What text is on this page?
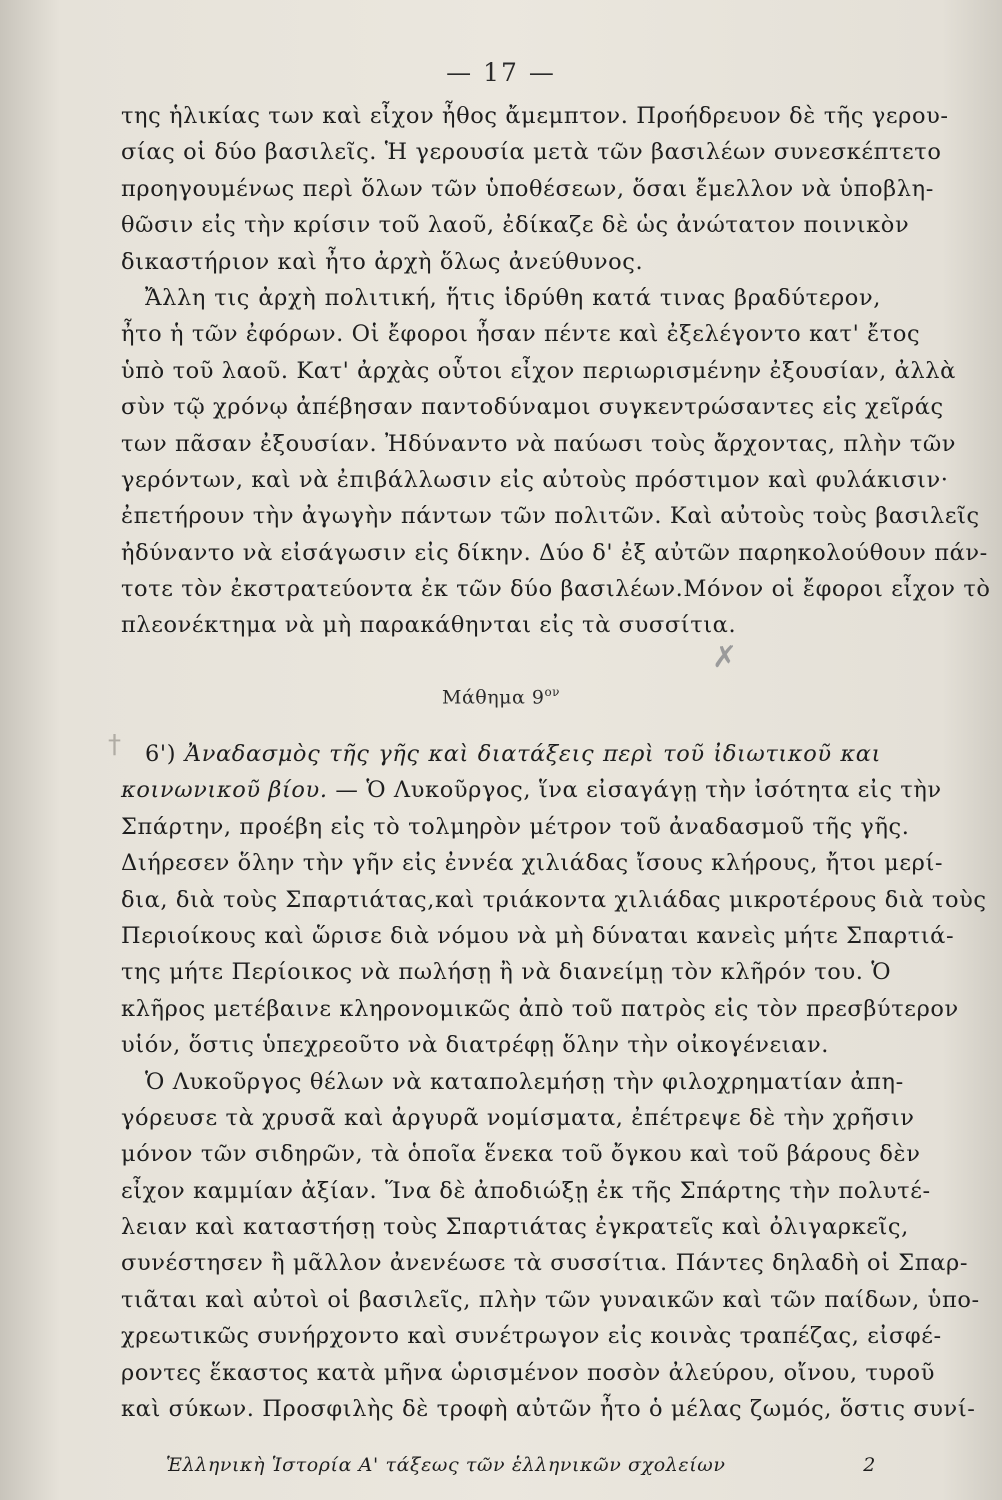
— 17 —
της ἡλικίας των καὶ εἶχον ἦθος ἄμεμπτον. Προήδρευον δὲ τῆς γερου-
σίας οἱ δύο βασιλεῖς. Ἡ γερουσία μετὰ τῶν βασιλέων συνεσκέπτετο
προηγουμένως περὶ ὅλων τῶν ὑποθέσεων, ὅσαι ἔμελλον νὰ ὑποβλη-
θῶσιν εἰς τὴν κρίσιν τοῦ λαοῦ, ἐδίκαζε δὲ ὡς ἀνώτατον ποινικὸν
δικαστήριον καὶ ἦτο ἀρχὴ ὅλως ἀνεύθυνος.
Ἄλλη τις ἀρχὴ πολιτική, ἥτις ἱδρύθη κατά τινας βραδύτερον,
ἦτο ἡ τῶν ἐφόρων. Οἱ ἔφοροι ἦσαν πέντε καὶ ἐξελέγοντο κατ' ἔτος
ὑπὸ τοῦ λαοῦ. Κατ' ἀρχὰς οὗτοι εἶχον περιωρισμένην ἐξουσίαν, ἀλλὰ
σὺν τῷ χρόνῳ ἀπέβησαν παντοδύναμοι συγκεντρώσαντες εἰς χεῖράς
των πᾶσαν ἐξουσίαν. Ἠδύναντο νὰ παύωσι τοὺς ἄρχοντας, πλὴν τῶν
γερόντων, καὶ νὰ ἐπιβάλλωσιν εἰς αὐτοὺς πρόστιμον καὶ φυλάκισιν·
ἐπετήρουν τὴν ἀγωγὴν πάντων τῶν πολιτῶν. Καὶ αὐτοὺς τοὺς βασιλεῖς
ἠδύναντο νὰ εἰσάγωσιν εἰς δίκην. Δύο δ' ἐξ αὐτῶν παρηκολούθουν πάν-
τοτε τὸν ἐκστρατεύοντα ἐκ τῶν δύο βασιλέων.Μόνον οἱ ἔφοροι εἶχον τὸ
πλεονέκτημα νὰ μὴ παρακάθηνται εἰς τὰ συσσίτια.
✗
Μάθημα $9^{o\nu}$
†	6') Ἀναδασμὸς τῆς γῆς καὶ διατάξεις περὶ τοῦ ἰδιωτικοῦ και
κοινωνικοῦ βίου. — Ὁ Λυκοῦργος, ἵνα εἰσαγάγῃ τὴν ἰσότητα εἰς τὴν
Σπάρτην, προέβη εἰς τὸ τολμηρὸν μέτρον τοῦ ἀναδασμοῦ τῆς γῆς.
Διήρεσεν ὅλην τὴν γῆν εἰς ἐννέα χιλιάδας ἴσους κλήρους, ἤτοι μερί-
δια, διὰ τοὺς Σπαρτιάτας,καὶ τριάκοντα χιλιάδας μικροτέρους διὰ τοὺς
Περιοίκους καὶ ὥρισε διὰ νόμου νὰ μὴ δύναται κανεὶς μήτε Σπαρτιά-
της μήτε Περίοικος νὰ πωλήσῃ ἢ νὰ διανείμῃ τὸν κλῆρόν του. Ὁ
κλῆρος μετέβαινε κληρονομικῶς ἀπὸ τοῦ πατρὸς εἰς τὸν πρεσβύτερον
υἱόν, ὅστις ὑπεχρεοῦτο νὰ διατρέφῃ ὅλην τὴν οἰκογένειαν.
Ὁ Λυκοῦργος θέλων νὰ καταπολεμήσῃ τὴν φιλοχρηματίαν ἀπη-
γόρευσε τὰ χρυσᾶ καὶ ἀργυρᾶ νομίσματα, ἐπέτρεψε δὲ τὴν χρῆσιν
μόνον τῶν σιδηρῶν, τὰ ὁποῖα ἕνεκα τοῦ ὄγκου καὶ τοῦ βάρους δὲν
εἶχον καμμίαν ἀξίαν. Ἵνα δὲ ἀποδιώξῃ ἐκ τῆς Σπάρτης τὴν πολυτέ-
λειαν καὶ καταστήσῃ τοὺς Σπαρτιάτας ἐγκρατεῖς καὶ ὀλιγαρκεῖς,
συνέστησεν ἢ μᾶλλον ἀνενέωσε τὰ συσσίτια. Πάντες δηλαδὴ οἱ Σπαρ-
τιᾶται καὶ αὐτοὶ οἱ βασιλεῖς, πλὴν τῶν γυναικῶν καὶ τῶν παίδων, ὑπο-
χρεωτικῶς συνήρχοντο καὶ συνέτρωγον εἰς κοινὰς τραπέζας, εἰσφέ-
ροντες ἕκαστος κατὰ μῆνα ὡρισμένον ποσὸν ἀλεύρου, οἴνου, τυροῦ
καὶ σύκων. Προσφιλὴς δὲ τροφὴ αὐτῶν ἦτο ὁ μέλας ζωμός, ὅστις συνί-
Ἑλληνικὴ Ἱστορία Α' τάξεως τῶν ἑλληνικῶν σχολείων	2
